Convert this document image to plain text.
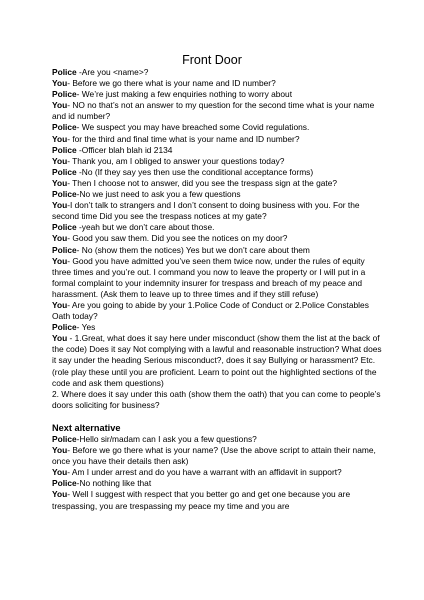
Front Door
Police -Are you <name>?
You- Before we go there what is your name and ID number?
Police- We’re just making a few enquiries nothing to worry about
You- NO no that’s not an answer to my question for the second time what is your name and id number?
Police- We suspect you may have breached some Covid regulations.
You- for the third and final time what is your name and ID number?
Police -Officer blah blah id 2134
You- Thank you, am I obliged to answer your questions today?
Police -No (If they say yes then use the conditional acceptance forms)
You- Then I choose not to answer, did you see the trespass sign at the gate?
Police-No we just need to ask you a few questions
You-I don’t talk to strangers and I don’t consent to doing business with you. For the second time Did you see the trespass notices at my gate?
Police -yeah but we don’t care about those.
You- Good you saw them. Did you see the notices on my door?
Police- No (show them the notices) Yes but we don’t care about them
You- Good you have admitted you’ve seen them twice now, under the rules of equity three times and you’re out. I command you now to leave the property or I will put in a formal complaint to your indemnity insurer for trespass and breach of my peace and harassment. (Ask them to leave up to three times and if they still refuse)
You- Are you going to abide by your 1.Police Code of Conduct or 2.Police Constables Oath today?
Police- Yes
You - 1.Great, what does it say here under misconduct (show them the list at the back of the code) Does it say Not complying with a lawful and reasonable instruction? What does it say under the heading Serious misconduct?, does it say Bullying or harassment? Etc. (role play these until you are proficient. Learn to point out the highlighted sections of the code and ask them questions)
2. Where does it say under this oath (show them the oath) that you can come to people’s doors soliciting for business?
Next alternative
Police-Hello sir/madam can I ask you a few questions?
You- Before we go there what is your name? (Use the above script to attain their name, once you have their details then ask)
You- Am I under arrest and do you have a warrant with an affidavit in support?
Police-No nothing like that
You- Well I suggest with respect that you better go and get one because you are trespassing, you are trespassing my peace my time and you are
